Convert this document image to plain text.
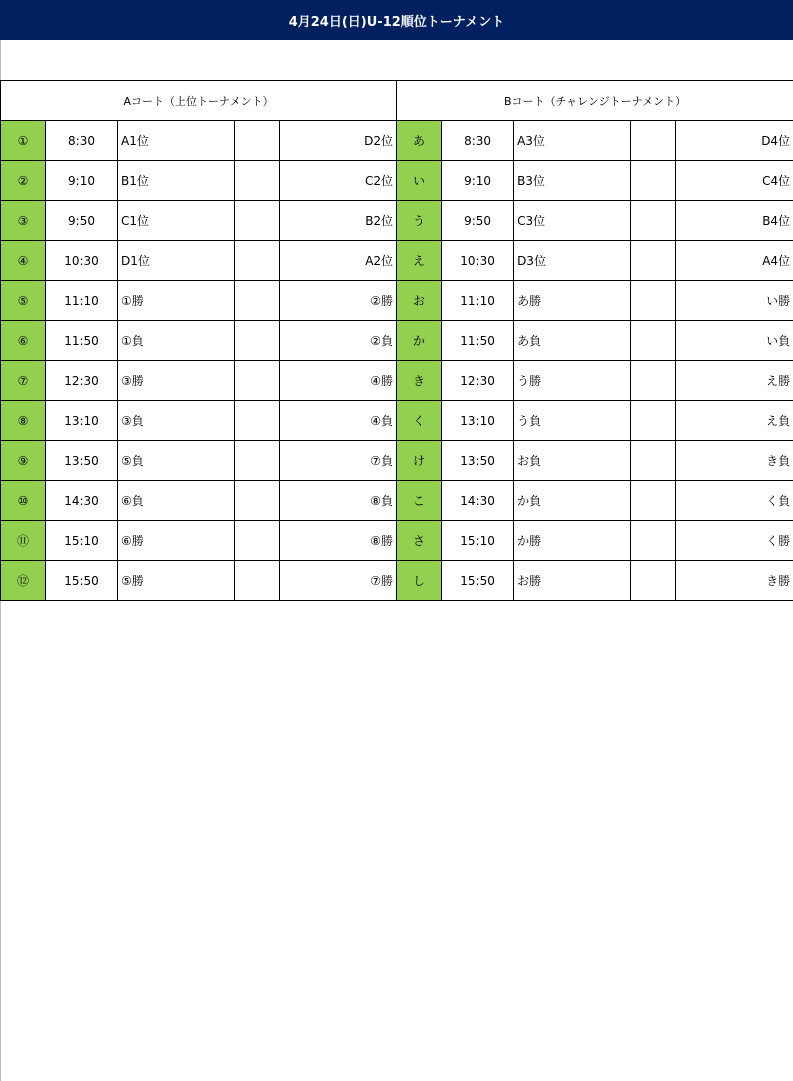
4月24日(日)U-12順位トーナメント
Aコート（上位トーナメント）					Bコート（チャレンジトーナメント）				
①	8:30	A1位		D2位	あ	8:30	A3位		D4位
②	9:10	B1位		C2位	い	9:10	B3位		C4位
③	9:50	C1位		B2位	う	9:50	C3位		B4位
④	10:30	D1位		A2位	え	10:30	D3位		A4位
⑤	11:10	①勝		②勝	お	11:10	あ勝		い勝
⑥	11:50	①負		②負	か	11:50	あ負		い負
⑦	12:30	③勝		④勝	き	12:30	う勝		え勝
⑧	13:10	③負		④負	く	13:10	う負		え負
⑨	13:50	⑤負		⑦負	け	13:50	お負		き負
⑩	14:30	⑥負		⑧負	こ	14:30	か負		く負
⑪	15:10	⑥勝		⑧勝	さ	15:10	か勝		く勝
⑫	15:50	⑤勝		⑦勝	し	15:50	お勝		き勝
